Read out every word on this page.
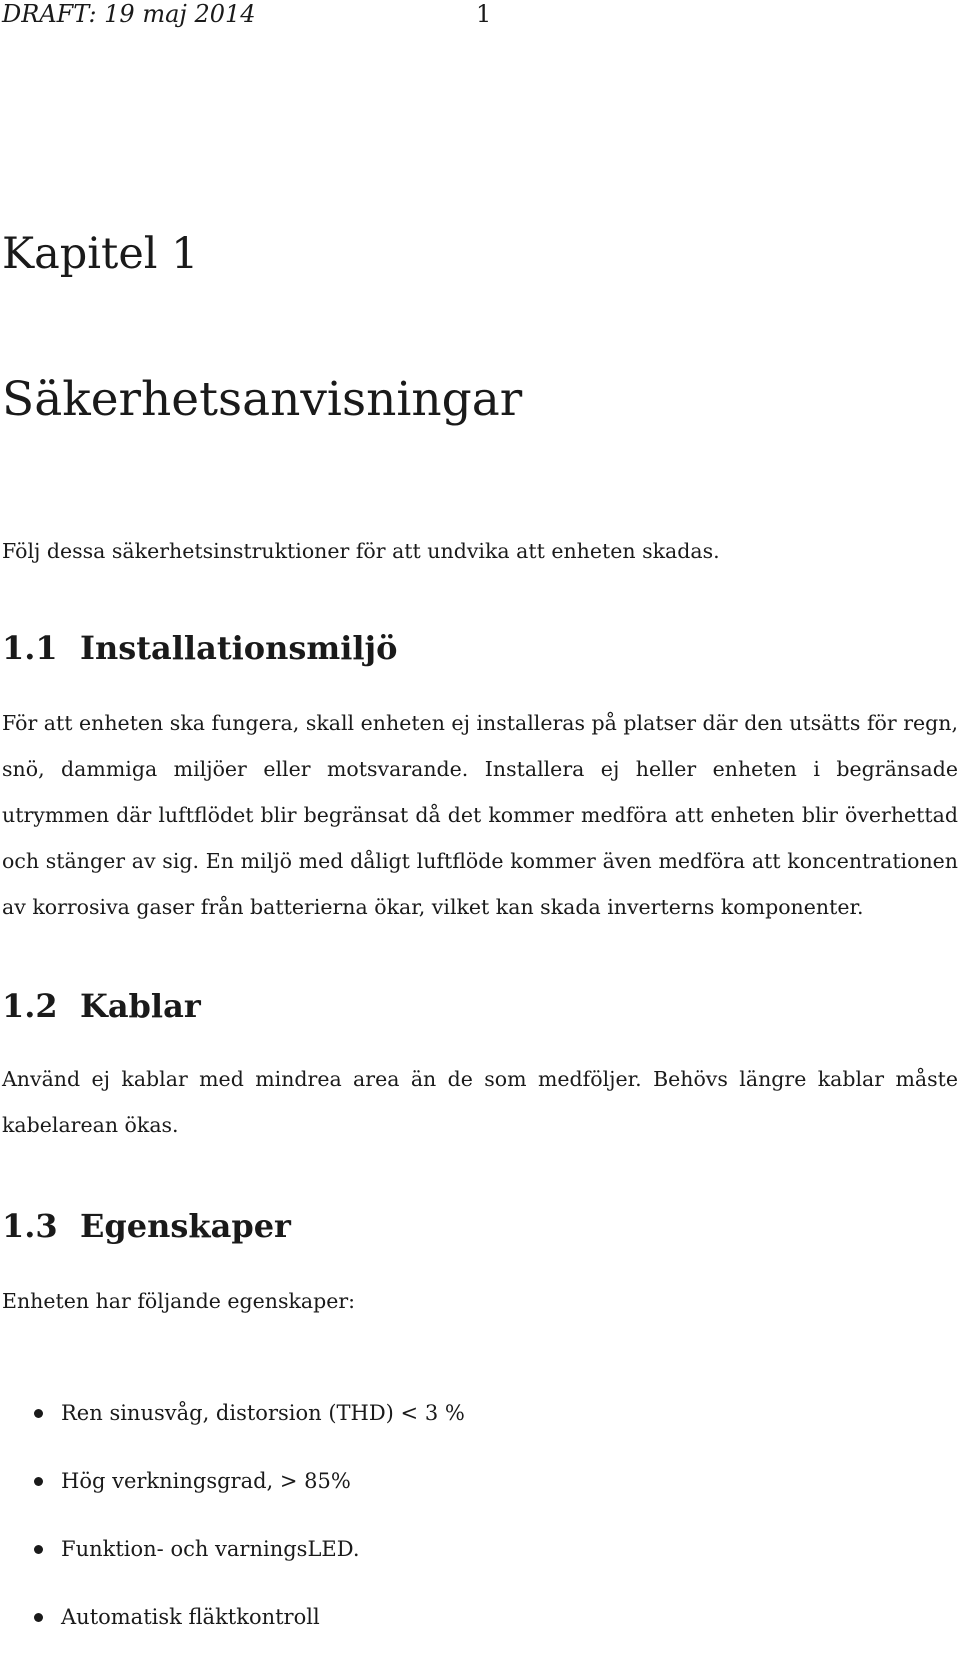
DRAFT: 19 maj 2014	1
Kapitel 1
Säkerhetsanvisningar
Följ dessa säkerhetsinstruktioner för att undvika att enheten skadas.
1.1 Installationsmiljö
För att enheten ska fungera, skall enheten ej installeras på platser där den utsätts för regn, snö, dammiga miljöer eller motsvarande. Installera ej heller enheten i begränsade utrymmen där luftflödet blir begränsat då det kommer medföra att enheten blir överhettad och stänger av sig. En miljö med dåligt luftflöde kommer även medföra att koncentrationen av korrosiva gaser från batterierna ökar, vilket kan skada inverterns komponenter.
1.2 Kablar
Använd ej kablar med mindrea area än de som medföljer. Behövs längre kablar måste kabelarean ökas.
1.3 Egenskaper
Enheten har följande egenskaper:
Ren sinusvåg, distorsion (THD) < 3 %
Hög verkningsgrad, > 85%
Funktion- och varningsLED.
Automatisk fläktkontroll
